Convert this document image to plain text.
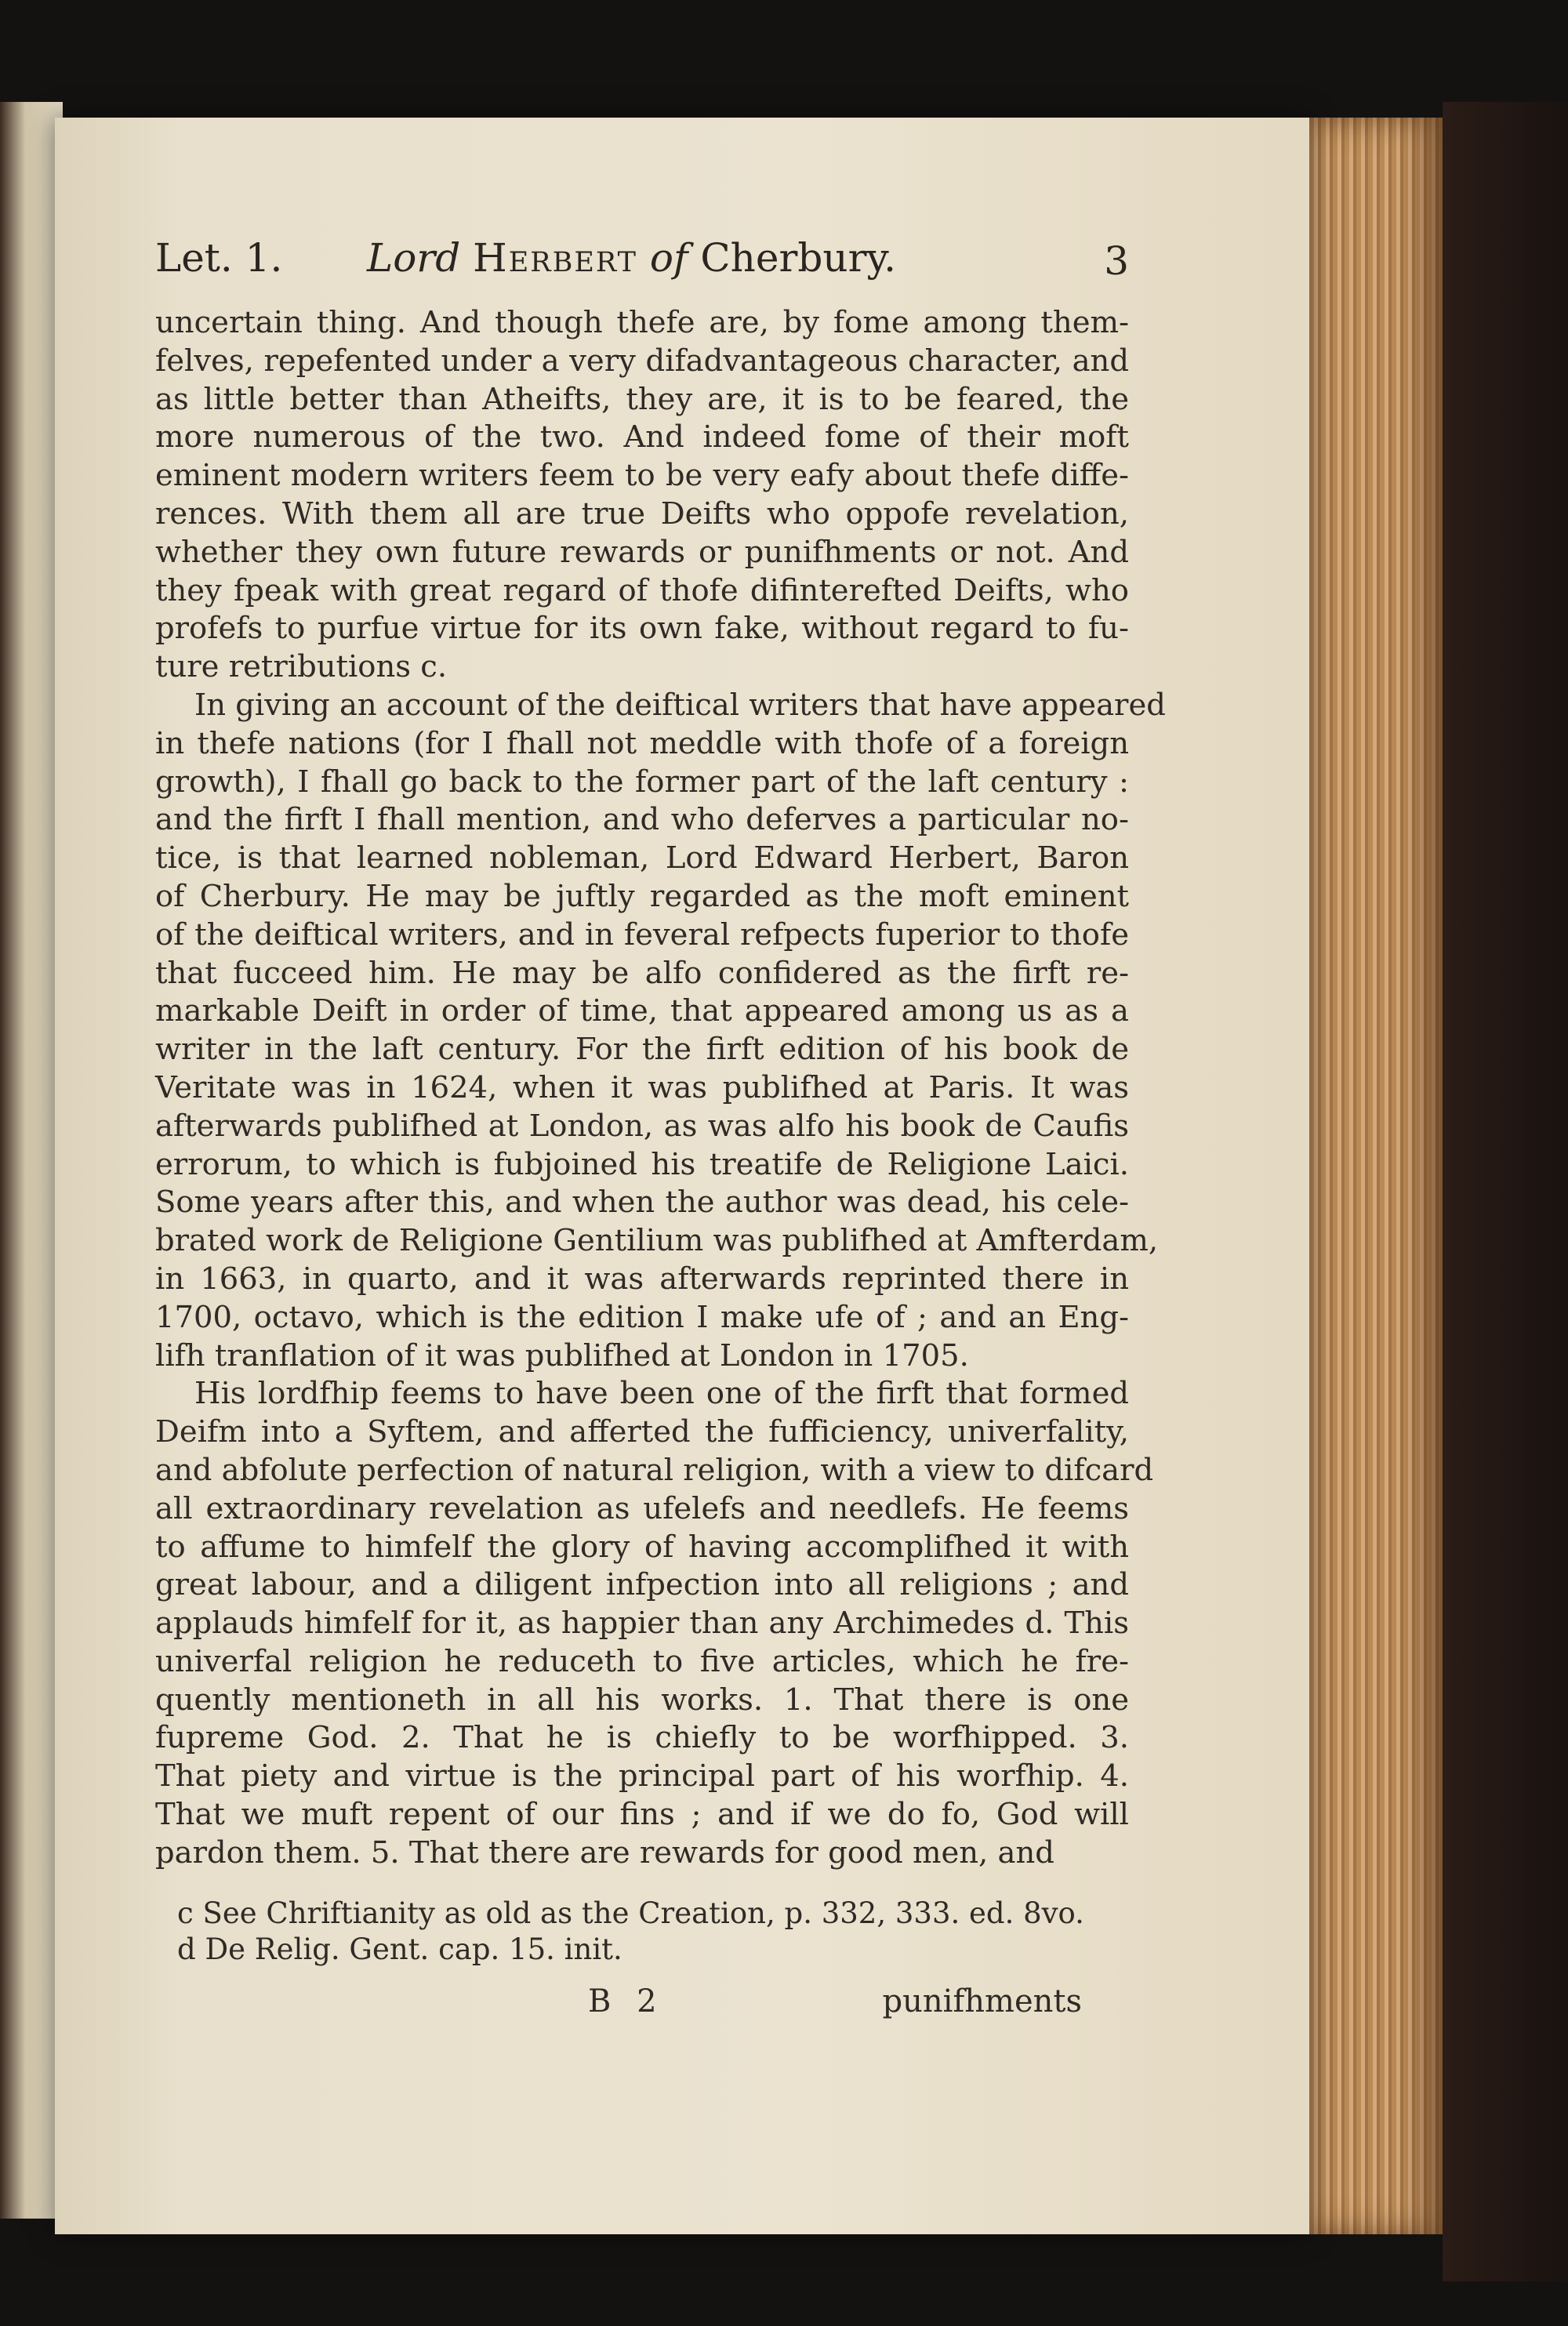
Let. 1. Lord Herbert of Cherbury.	3
uncertain thing. And though thefe are, by fome among them-
felves, repefented under a very difadvantageous character, and
as little better than Atheifts, they are, it is to be feared, the
more numerous of the two. And indeed fome of their moft
eminent modern writers feem to be very eafy about thefe diffe-
rences. With them all are true Deifts who oppofe revelation,
whether they own future rewards or punifhments or not. And
they fpeak with great regard of thofe difinterefted Deifts, who
profefs to purfue virtue for its own fake, without regard to fu-
ture retributions c.
In giving an account of the deiftical writers that have appeared
in thefe nations (for I fhall not meddle with thofe of a foreign
growth), I fhall go back to the former part of the laft century :
and the firft I fhall mention, and who deferves a particular no-
tice, is that learned nobleman, Lord Edward Herbert, Baron
of Cherbury. He may be juftly regarded as the moft eminent
of the deiftical writers, and in feveral refpects fuperior to thofe
that fucceed him. He may be alfo confidered as the firft re-
markable Deift in order of time, that appeared among us as a
writer in the laft century. For the firft edition of his book de
Veritate was in 1624, when it was publifhed at Paris. It was
afterwards publifhed at London, as was alfo his book de Caufis
errorum, to which is fubjoined his treatife de Religione Laici.
Some years after this, and when the author was dead, his cele-
brated work de Religione Gentilium was publifhed at Amfterdam,
in 1663, in quarto, and it was afterwards reprinted there in
1700, octavo, which is the edition I make ufe of ; and an Eng-
lifh tranflation of it was publifhed at London in 1705.
His lordfhip feems to have been one of the firft that formed
Deifm into a Syftem, and afferted the fufficiency, univerfality,
and abfolute perfection of natural religion, with a view to difcard
all extraordinary revelation as ufelefs and needlefs. He feems
to affume to himfelf the glory of having accomplifhed it with
great labour, and a diligent infpection into all religions ; and
applauds himfelf for it, as happier than any Archimedes d. This
univerfal religion he reduceth to five articles, which he fre-
quently mentioneth in all his works. 1. That there is one
fupreme God. 2. That he is chiefly to be worfhipped. 3.
That piety and virtue is the principal part of his worfhip. 4.
That we muft repent of our fins ; and if we do fo, God will
pardon them. 5. That there are rewards for good men, and
c See Chriftianity as old as the Creation, p. 332, 333. ed. 8vo.
d De Relig. Gent. cap. 15. init.
B 2	punifhments
